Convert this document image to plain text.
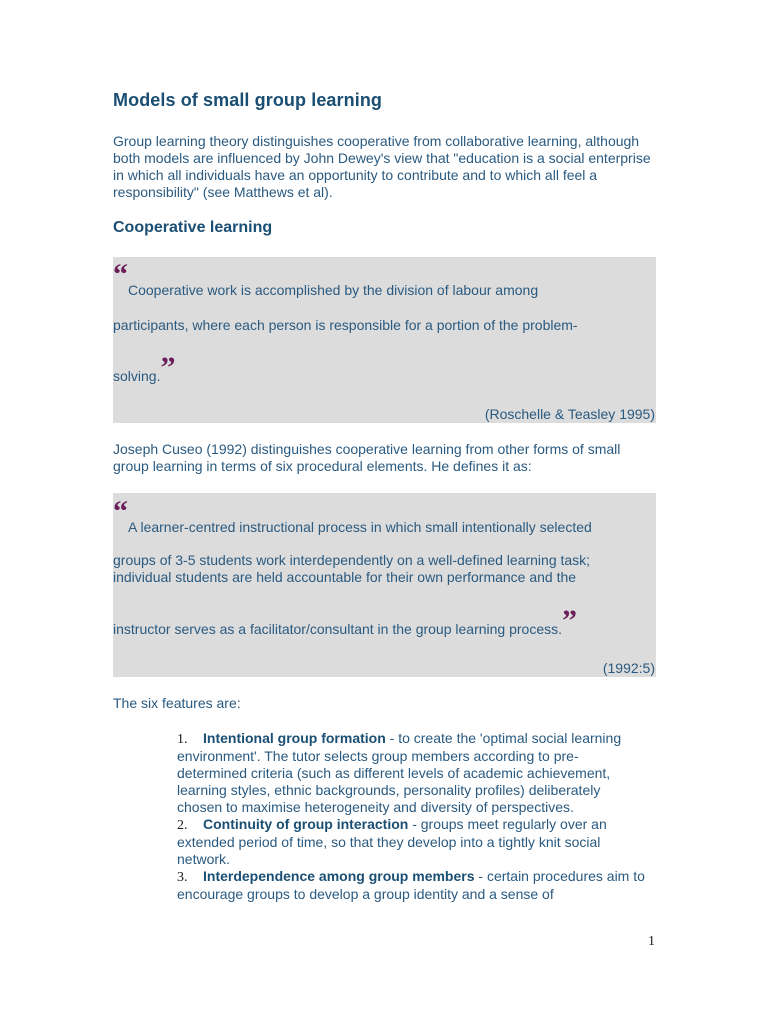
Models of small group learning

Group learning theory distinguishes cooperative from collaborative learning, although both models are influenced by John Dewey's view that "education is a social enterprise in which all individuals have an opportunity to contribute and to which all feel a responsibility" (see Matthews et al).

Cooperative learning
“Cooperative work is accomplished by the division of labour among
participants, where each person is responsible for a portion of the problem-
solving.”
(Roschelle & Teasley 1995)

Joseph Cuseo (1992) distinguishes cooperative learning from other forms of small group learning in terms of six procedural elements. He defines it as:

“A learner-centred instructional process in which small intentionally selected
groups of 3-5 students work interdependently on a well-defined learning task;
individual students are held accountable for their own performance and the
instructor serves as a facilitator/consultant in the group learning process.”
(1992:5)

The six features are:

1. Intentional group formation - to create the 'optimal social learning environment'. The tutor selects group members according to pre-determined criteria (such as different levels of academic achievement, learning styles, ethnic backgrounds, personality profiles) deliberately chosen to maximise heterogeneity and diversity of perspectives.
2. Continuity of group interaction - groups meet regularly over an extended period of time, so that they develop into a tightly knit social network.
3. Interdependence among group members - certain procedures aim to encourage groups to develop a group identity and a sense of
1
